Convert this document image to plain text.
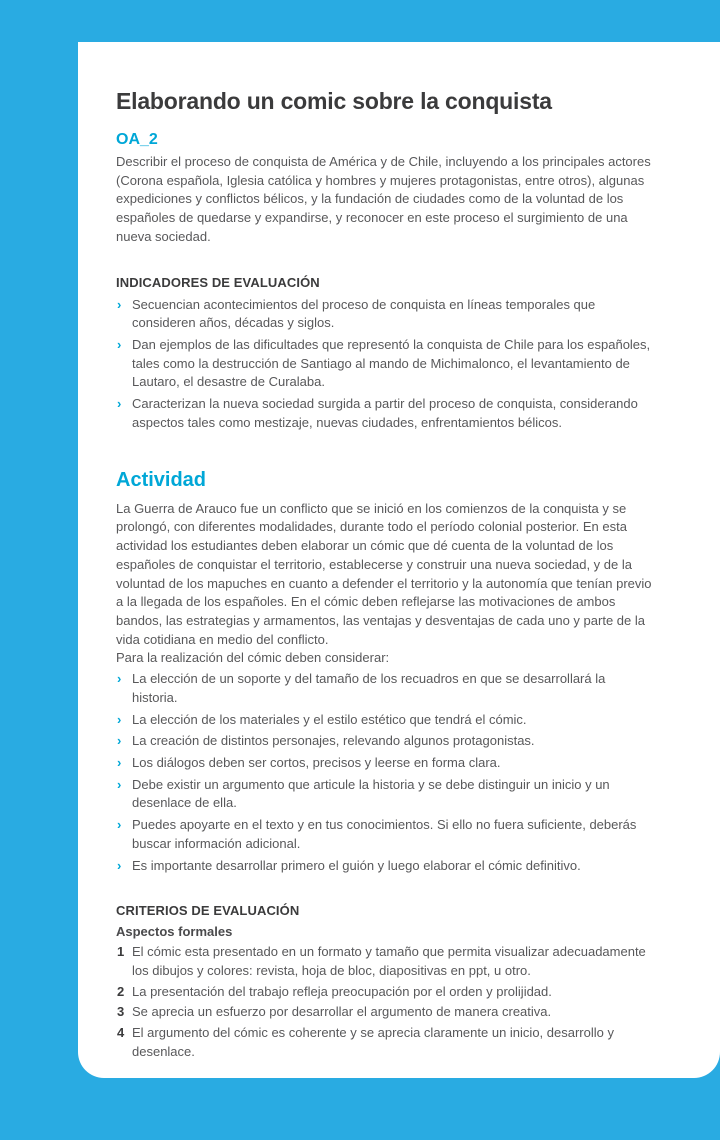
Elaborando un comic sobre la conquista
OA_2

Describir el proceso de conquista de América y de Chile, incluyendo a los principales actores (Corona española, Iglesia católica y hombres y mujeres protagonistas, entre otros), algunas expediciones y conflictos bélicos, y la fundación de ciudades como de la voluntad de los españoles de quedarse y expandirse, y reconocer en este proceso el surgimiento de una nueva sociedad.

INDICADORES DE EVALUACIÓN
› Secuencian acontecimientos del proceso de conquista en líneas temporales que consideren años, décadas y siglos.
› Dan ejemplos de las dificultades que representó la conquista de Chile para los españoles, tales como la destrucción de Santiago al mando de Michimalonco, el levantamiento de Lautaro, el desastre de Curalaba.
› Caracterizan la nueva sociedad surgida a partir del proceso de conquista, considerando aspectos tales como mestizaje, nuevas ciudades, enfrentamientos bélicos.
Actividad

La Guerra de Arauco fue un conflicto que se inició en los comienzos de la conquista y se prolongó, con diferentes modalidades, durante todo el período colonial posterior. En esta actividad los estudiantes deben elaborar un cómic que dé cuenta de la voluntad de los españoles de conquistar el territorio, establecerse y construir una nueva sociedad, y de la voluntad de los mapuches en cuanto a defender el territorio y la autonomía que tenían previo a la llegada de los españoles. En el cómic deben reflejarse las motivaciones de ambos bandos, las estrategias y armamentos, las ventajas y desventajas de cada uno y parte de la vida cotidiana en medio del conflicto.

Para la realización del cómic deben considerar:

› La elección de un soporte y del tamaño de los recuadros en que se desarrollará la historia.
› La elección de los materiales y el estilo estético que tendrá el cómic.
› La creación de distintos personajes, relevando algunos protagonistas.
› Los diálogos deben ser cortos, precisos y leerse en forma clara.
› Debe existir un argumento que articule la historia y se debe distinguir un inicio y un desenlace de ella.
› Puedes apoyarte en el texto y en tus conocimientos. Si ello no fuera suficiente, deberás buscar información adicional.
› Es importante desarrollar primero el guión y luego elaborar el cómic definitivo.
CRITERIOS DE EVALUACIÓN
Aspectos formales
1 El cómic esta presentado en un formato y tamaño que permita visualizar adecuadamente los dibujos y colores: revista, hoja de bloc, diapositivas en ppt, u otro.
2 La presentación del trabajo refleja preocupación por el orden y prolijidad.
3 Se aprecia un esfuerzo por desarrollar el argumento de manera creativa.
4 El argumento del cómic es coherente y se aprecia claramente un inicio, desarrollo y desenlace.
